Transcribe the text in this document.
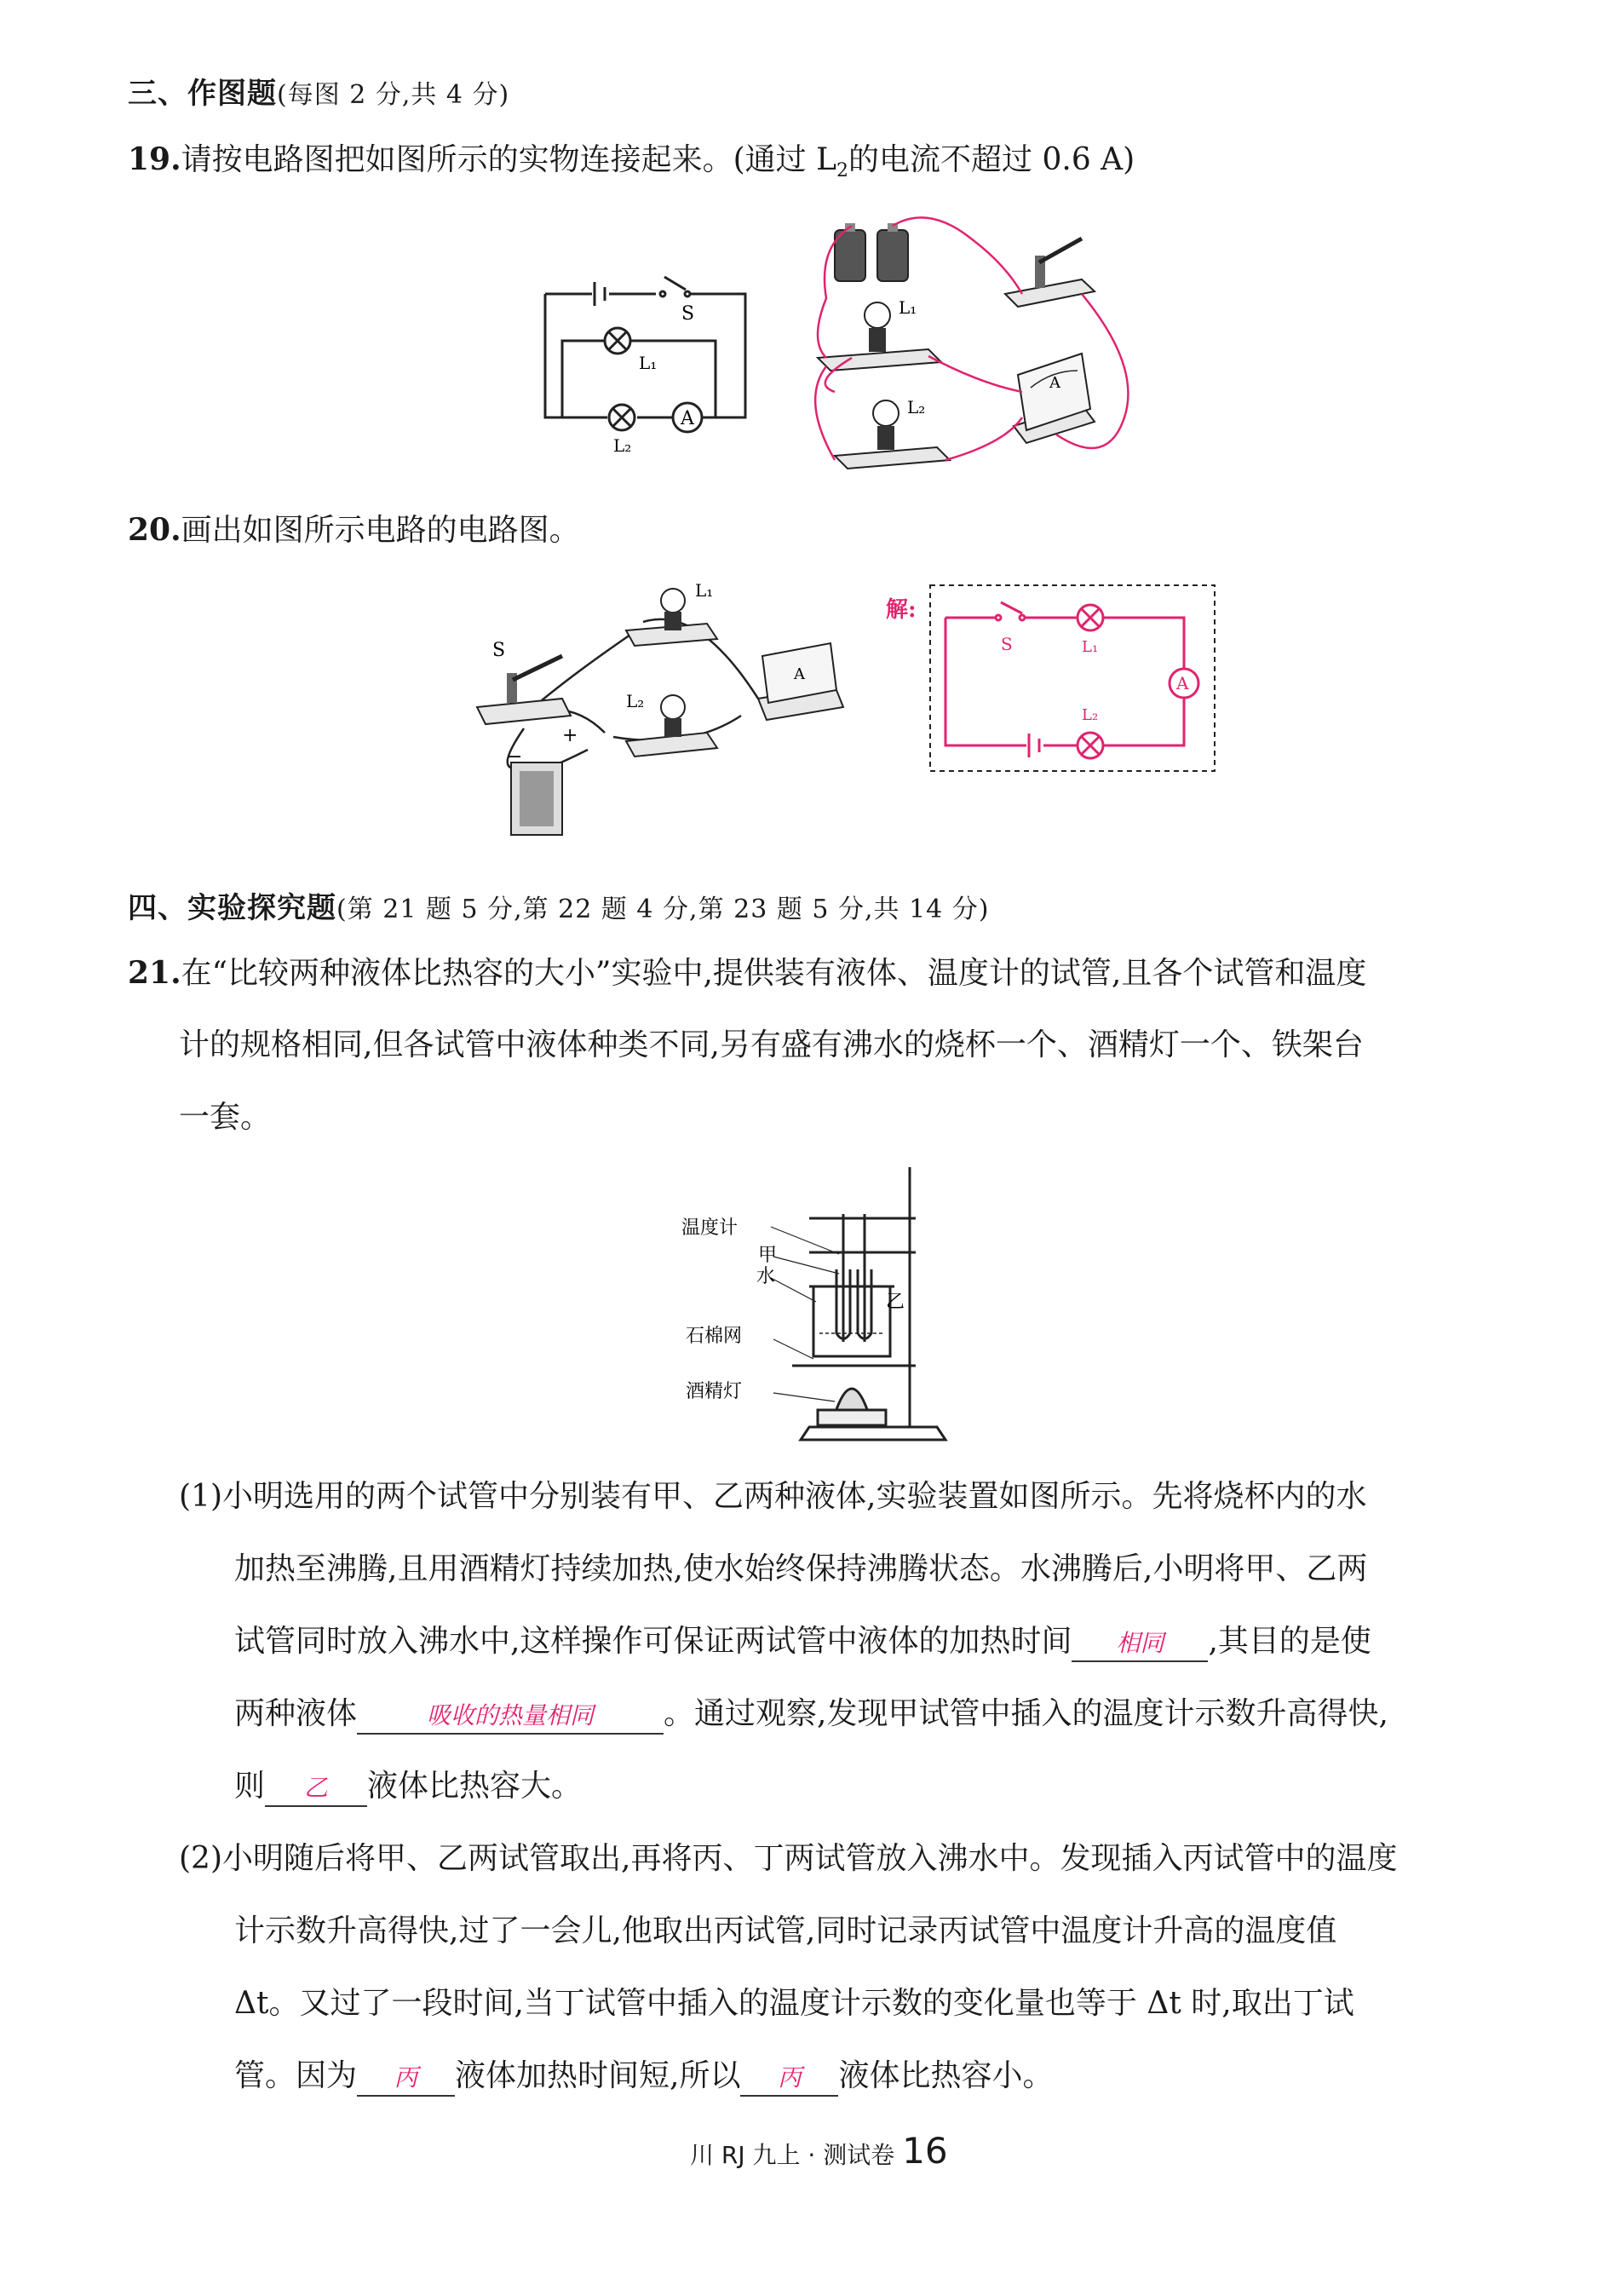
三、作图题(每图 2 分,共 4 分)
19.请按电路图把如图所示的实物连接起来。(通过 $L_2$的电流不超过 0.6 A)
S
L₁
L₂
A
L₁
L₂
A
20.画出如图所示电路的电路图。
S
L₁
L₂
A
−
+
解:
S	L₁
L₂
A
四、实验探究题(第 21 题 5 分,第 22 题 4 分,第 23 题 5 分,共 14 分)
21.在“比较两种液体比热容的大小”实验中,提供装有液体、温度计的试管,且各个试管和温度
计的规格相同,但各试管中液体种类不同,另有盛有沸水的烧杯一个、酒精灯一个、铁架台
一套。
温度计
甲
水
乙
石棉网
酒精灯
(1)小明选用的两个试管中分别装有甲、乙两种液体,实验装置如图所示。先将烧杯内的水
加热至沸腾,且用酒精灯持续加热,使水始终保持沸腾状态。水沸腾后,小明将甲、乙两
试管同时放入沸水中,这样操作可保证两试管中液体的加热时间 相同 ,其目的是使
两种液体	吸收的热量相同 。通过观察,发现甲试管中插入的温度计示数升高得快,
则 乙 液体比热容大。
(2)小明随后将甲、乙两试管取出,再将丙、丁两试管放入沸水中。发现插入丙试管中的温度
计示数升高得快,过了一会儿,他取出丙试管,同时记录丙试管中温度计升高的温度值
Δt。又过了一段时间,当丁试管中插入的温度计示数的变化量也等于 Δt 时,取出丁试
管。因为 丙 液体加热时间短,所以 丙 液体比热容小。
川 RJ 九上 · 测试卷 16
